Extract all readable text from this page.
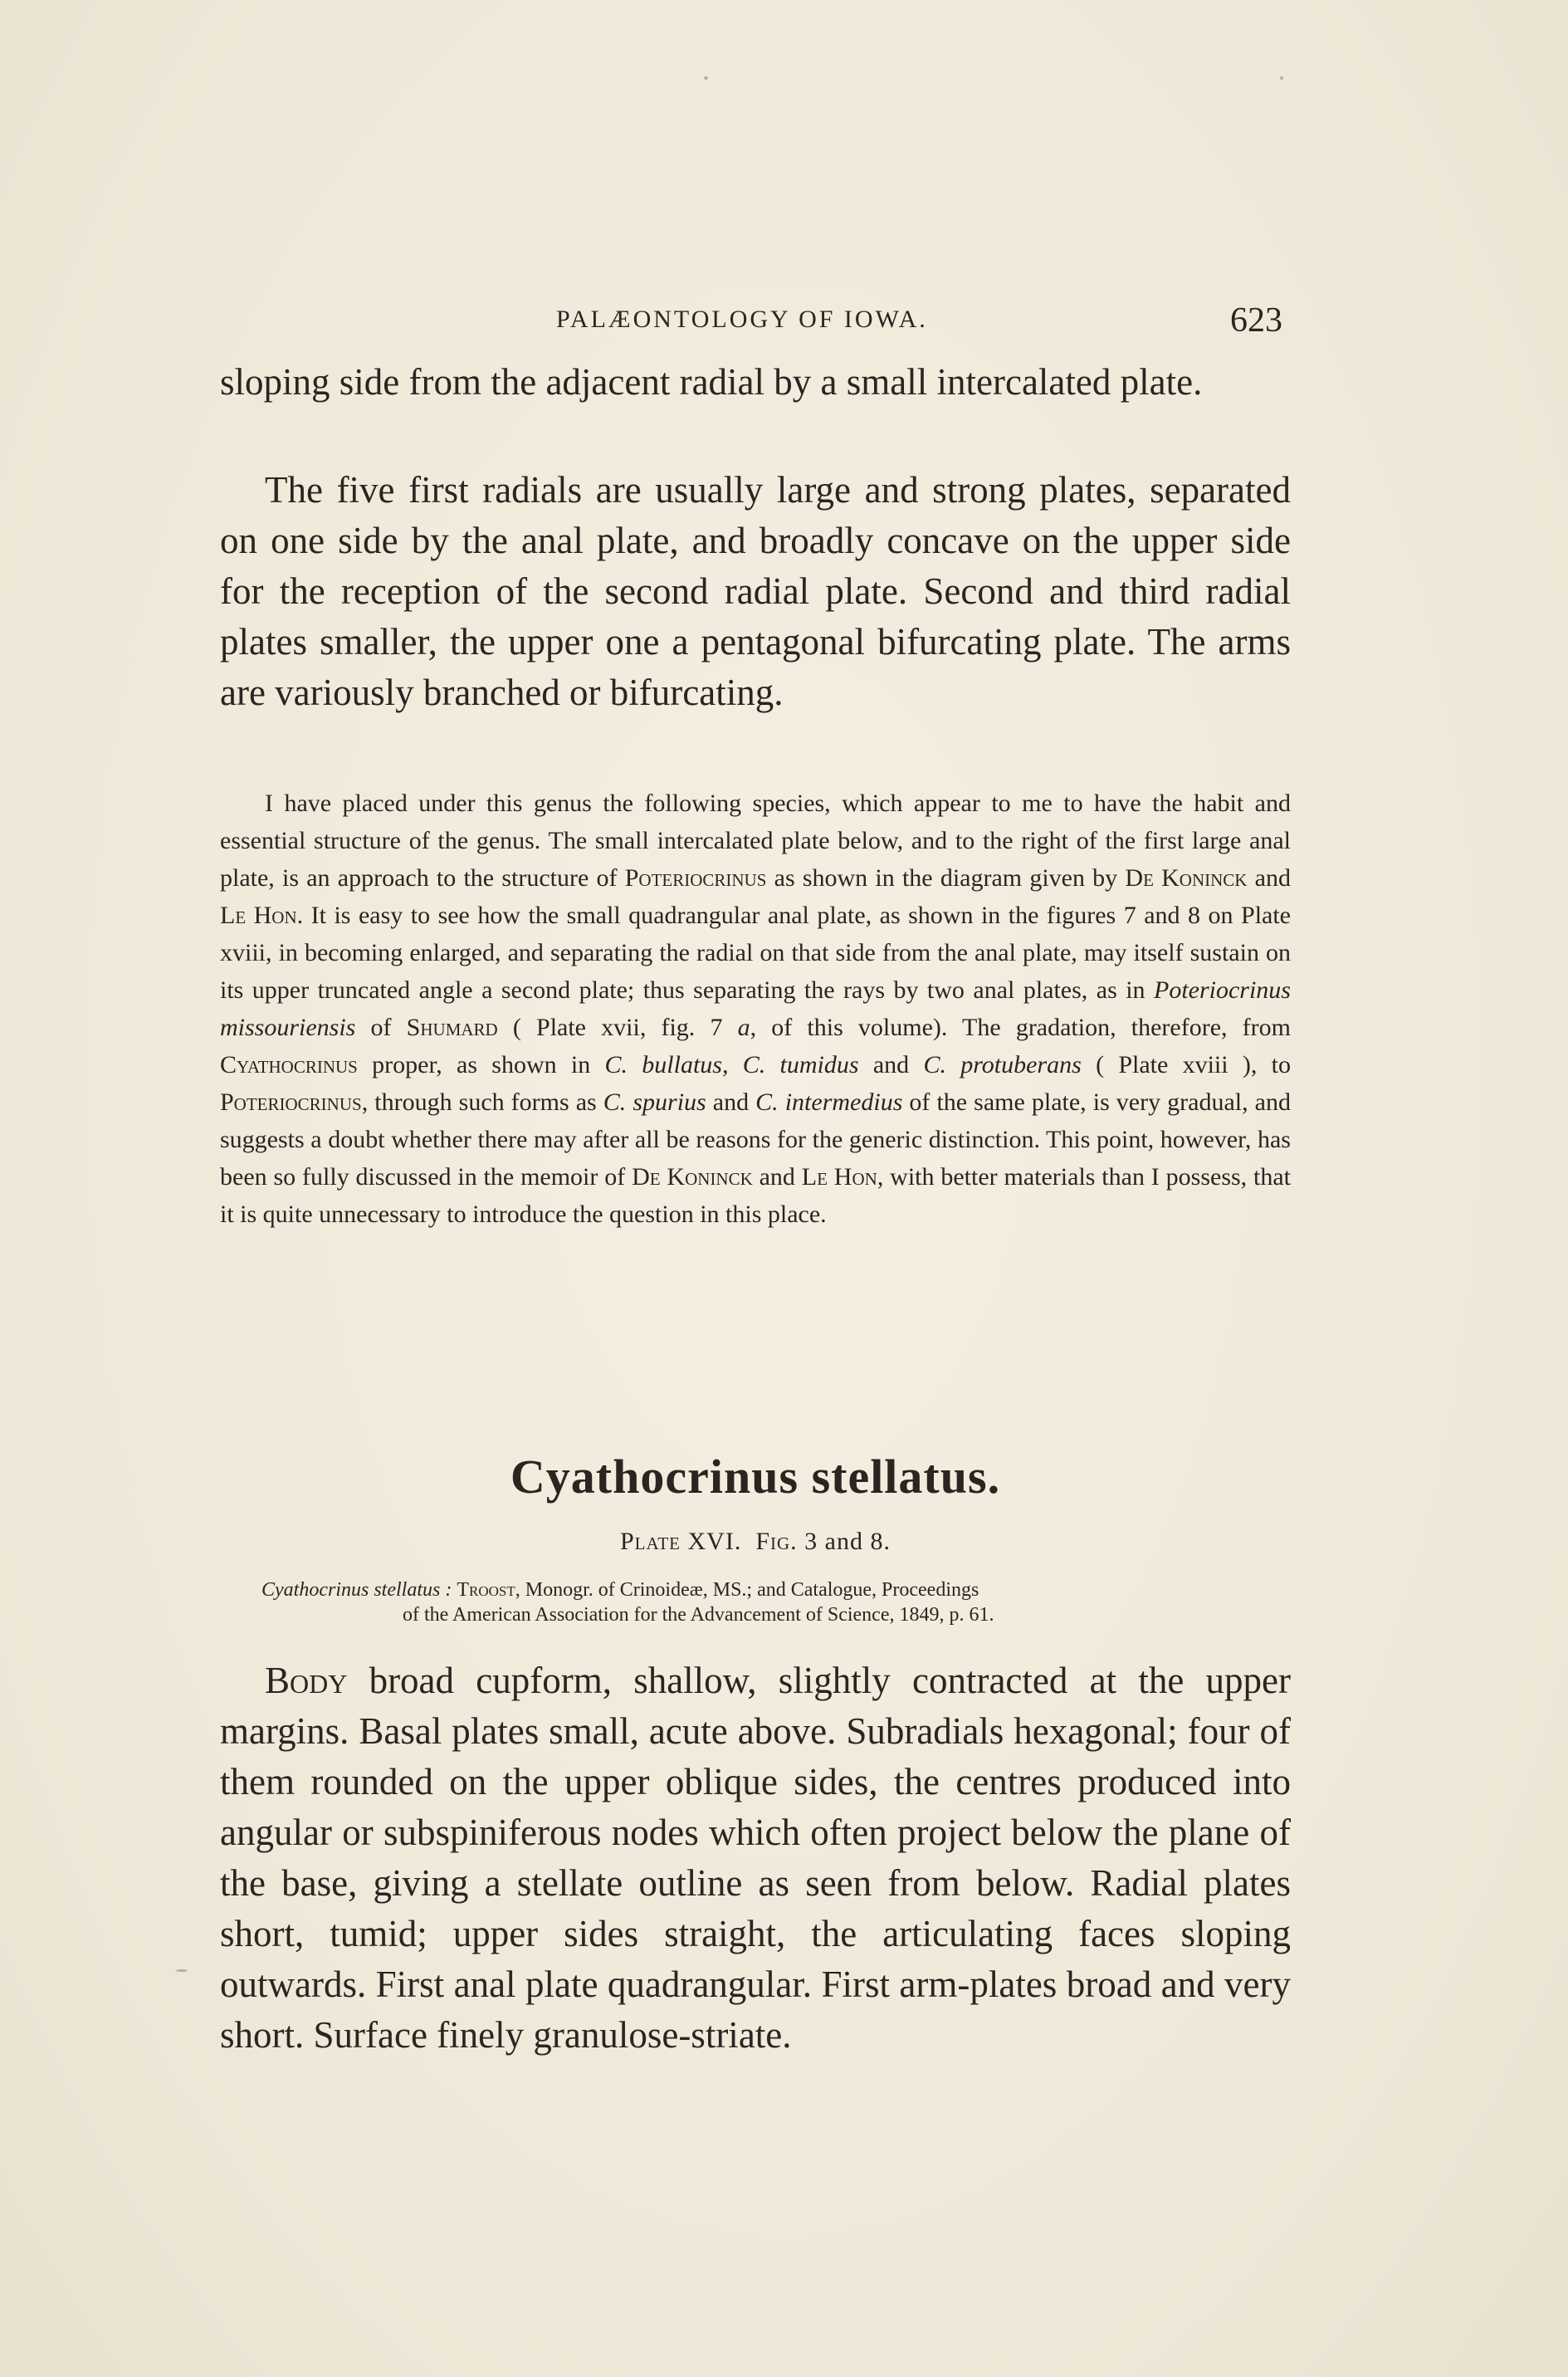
PALÆONTOLOGY OF IOWA.	623

sloping side from the adjacent radial by a small intercalated plate.

The five first radials are usually large and strong plates, separated on one side by the anal plate, and broadly concave on the upper side for the reception of the second radial plate. Second and third radial plates smaller, the upper one a pentagonal bifurcating plate. The arms are variously branched or bifurcating.

I have placed under this genus the following species, which appear to me to have the habit and essential structure of the genus. The small intercalated plate below, and to the right of the first large anal plate, is an approach to the structure of Poteriocrinus as shown in the diagram given by De Koninck and Le Hon. It is easy to see how the small quadrangular anal plate, as shown in the figures 7 and 8 on Plate xviii, in becoming enlarged, and separating the radial on that side from the anal plate, may itself sustain on its upper truncated angle a second plate; thus separating the rays by two anal plates, as in Poteriocrinus missouriensis of Shumard ( Plate xvii, fig. 7 a, of this volume). The gradation, therefore, from Cyathocrinus proper, as shown in C. bullatus, C. tumidus and C. protuberans ( Plate xviii ), to Poteriocrinus, through such forms as C. spurius and C. intermedius of the same plate, is very gradual, and suggests a doubt whether there may after all be reasons for the generic distinction. This point, however, has been so fully discussed in the memoir of De Koninck and Le Hon, with better materials than I possess, that it is quite unnecessary to introduce the question in this place.

Cyathocrinus stellatus.
Plate XVI. Fig. 3 and 8.
Cyathocrinus stellatus : Troost, Monogr. of Crinoideæ, MS.; and Catalogue, Proceedings
of the American Association for the Advancement of Science, 1849, p. 61.

Body broad cupform, shallow, slightly contracted at the upper margins. Basal plates small, acute above. Subradials hexagonal; four of them rounded on the upper oblique sides, the centres produced into angular or subspiniferous nodes which often project below the plane of the base, giving a stellate outline as seen from below. Radial plates short, tumid; upper sides straight, the articulating faces sloping outwards. First anal plate quadrangular. First arm-plates broad and very short. Surface finely granulose-striate.
